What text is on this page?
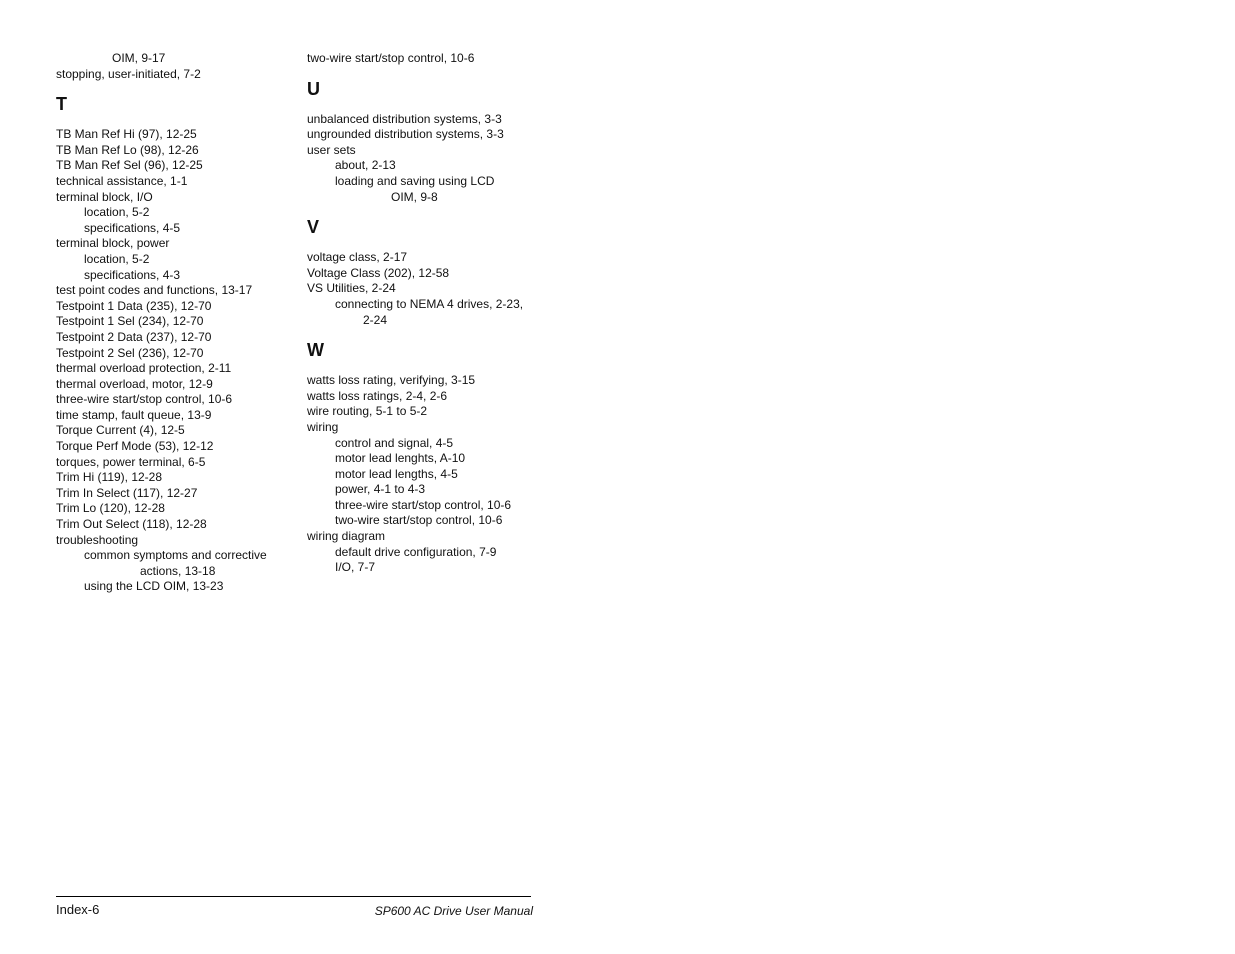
OIM, 9-17
stopping, user-initiated, 7-2
T
TB Man Ref Hi (97), 12-25
TB Man Ref Lo (98), 12-26
TB Man Ref Sel (96), 12-25
technical assistance, 1-1
terminal block, I/O
location, 5-2
specifications, 4-5
terminal block, power
location, 5-2
specifications, 4-3
test point codes and functions, 13-17
Testpoint 1 Data (235), 12-70
Testpoint 1 Sel (234), 12-70
Testpoint 2 Data (237), 12-70
Testpoint 2 Sel (236), 12-70
thermal overload protection, 2-11
thermal overload, motor, 12-9
three-wire start/stop control, 10-6
time stamp, fault queue, 13-9
Torque Current (4), 12-5
Torque Perf Mode (53), 12-12
torques, power terminal, 6-5
Trim Hi (119), 12-28
Trim In Select (117), 12-27
Trim Lo (120), 12-28
Trim Out Select (118), 12-28
troubleshooting
common symptoms and corrective
actions, 13-18
using the LCD OIM, 13-23
two-wire start/stop control, 10-6
U
unbalanced distribution systems, 3-3
ungrounded distribution systems, 3-3
user sets
about, 2-13
loading and saving using LCD
OIM, 9-8
V
voltage class, 2-17
Voltage Class (202), 12-58
VS Utilities, 2-24
connecting to NEMA 4 drives, 2-23,
2-24
W
watts loss rating, verifying, 3-15
watts loss ratings, 2-4, 2-6
wire routing, 5-1 to 5-2
wiring
control and signal, 4-5
motor lead lenghts, A-10
motor lead lengths, 4-5
power, 4-1 to 4-3
three-wire start/stop control, 10-6
two-wire start/stop control, 10-6
wiring diagram
default drive configuration, 7-9
I/O, 7-7
Index-6	SP600 AC Drive User Manual
